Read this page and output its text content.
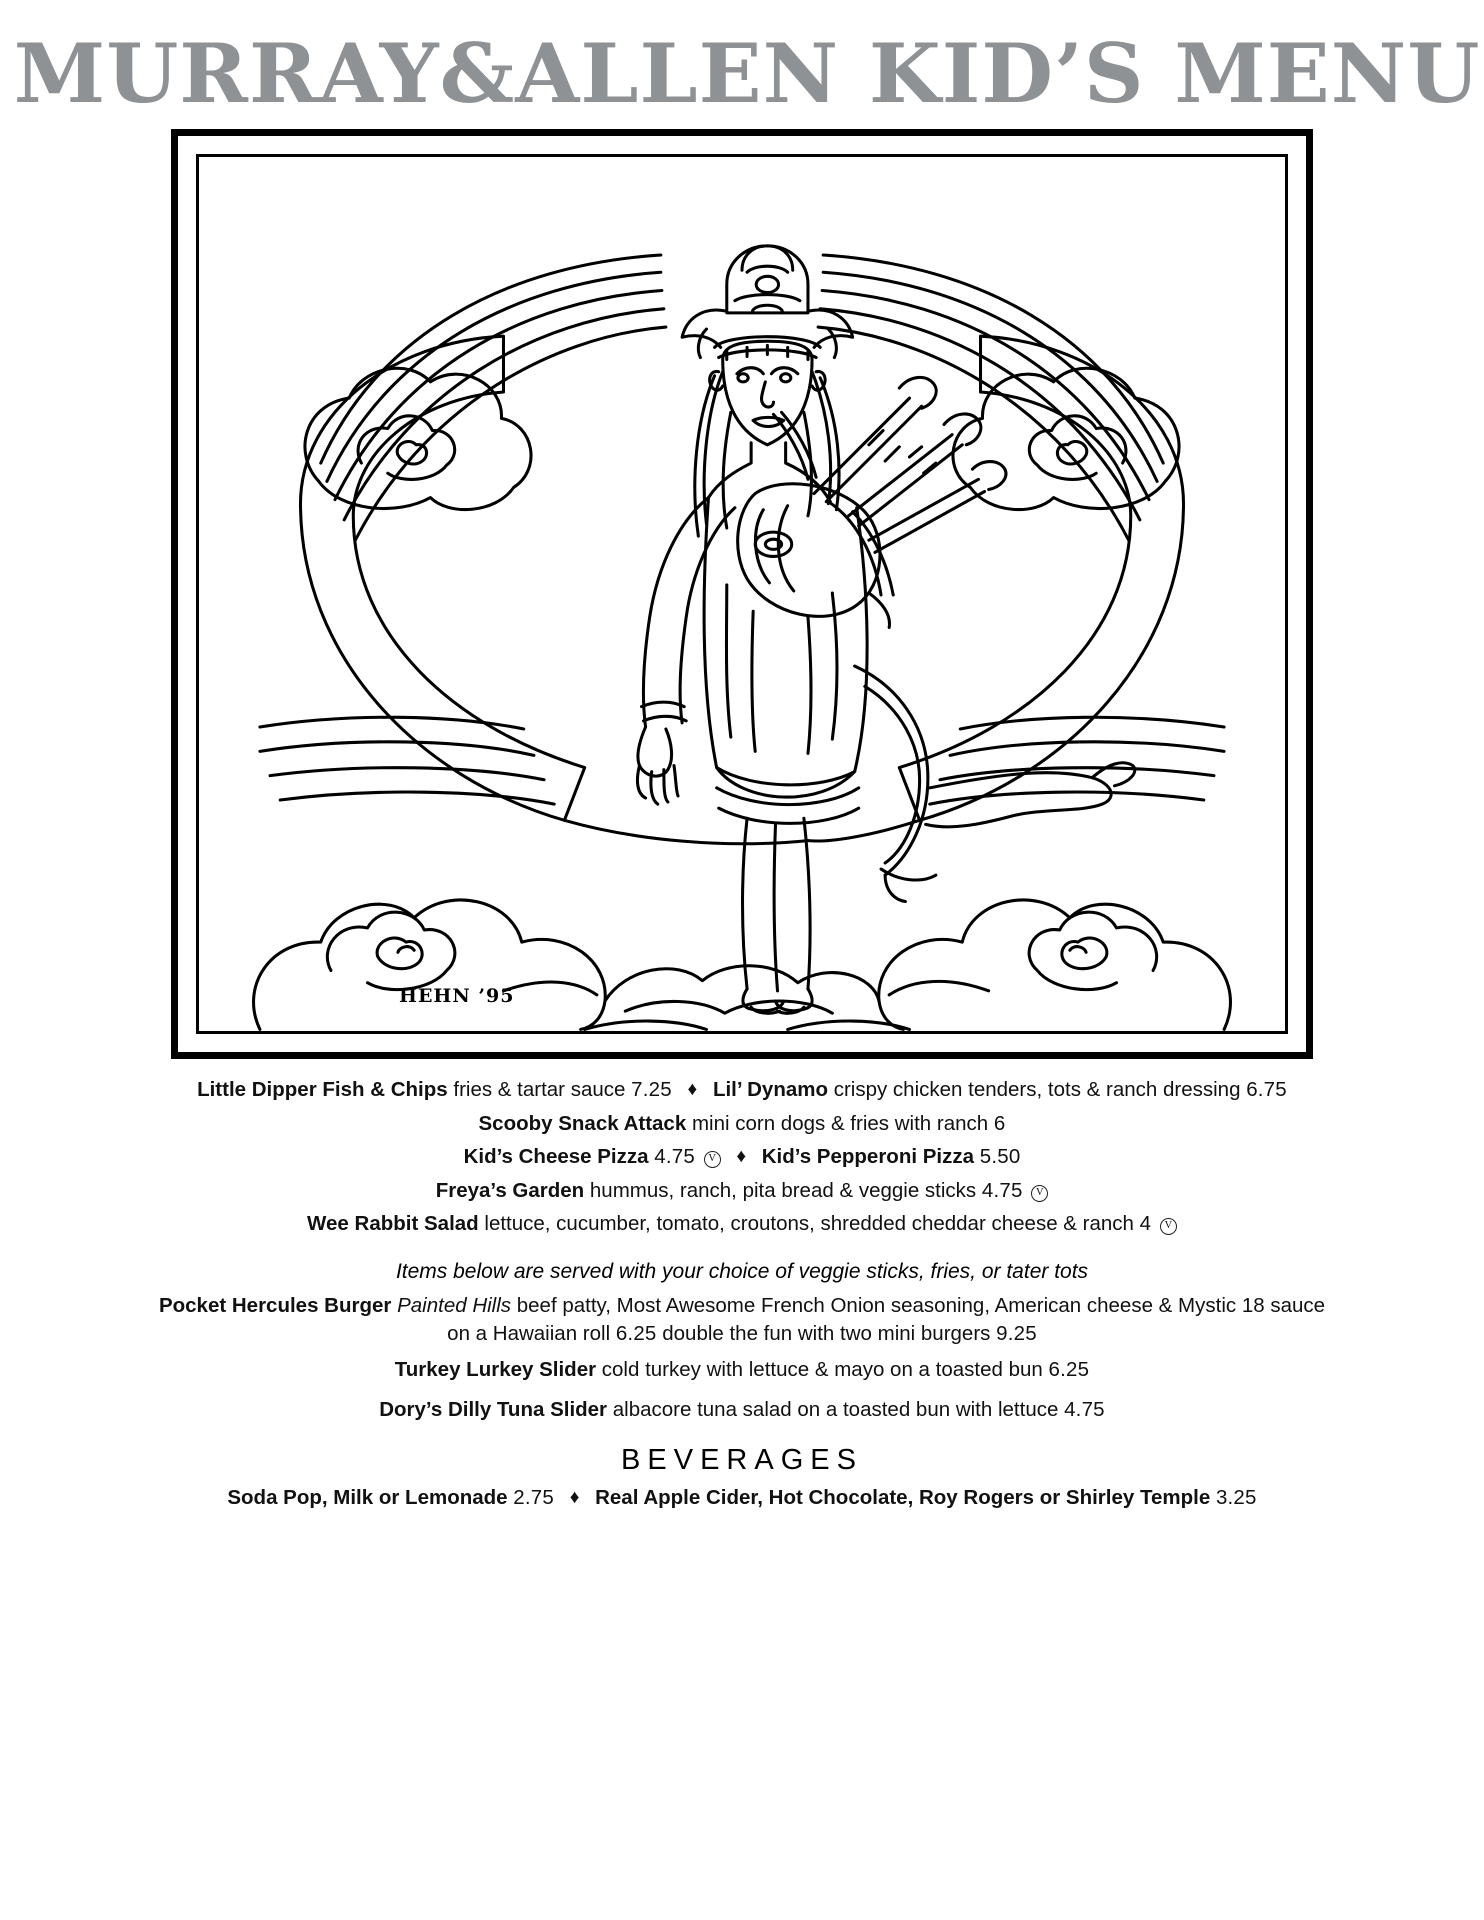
MURRAY&ALLEN KID’S MENU
HEHN ’95
Little Dipper Fish & Chips fries & tartar sauce 7.25 ♦ Lil’ Dynamo crispy chicken tenders, tots & ranch dressing 6.75
Scooby Snack Attack mini corn dogs & fries with ranch 6
Kid’s Cheese Pizza 4.75 V ♦ Kid’s Pepperoni Pizza 5.50
Freya’s Garden hummus, ranch, pita bread & veggie sticks 4.75 V
Wee Rabbit Salad lettuce, cucumber, tomato, croutons, shredded cheddar cheese & ranch 4 V
Items below are served with your choice of veggie sticks, fries, or tater tots
Pocket Hercules Burger Painted Hills beef patty, Most Awesome French Onion seasoning, American cheese & Mystic 18 sauce
on a Hawaiian roll 6.25 double the fun with two mini burgers 9.25
Turkey Lurkey Slider cold turkey with lettuce & mayo on a toasted bun 6.25
Dory’s Dilly Tuna Slider albacore tuna salad on a toasted bun with lettuce 4.75
BEVERAGES
Soda Pop, Milk or Lemonade 2.75 ♦ Real Apple Cider, Hot Chocolate, Roy Rogers or Shirley Temple 3.25
